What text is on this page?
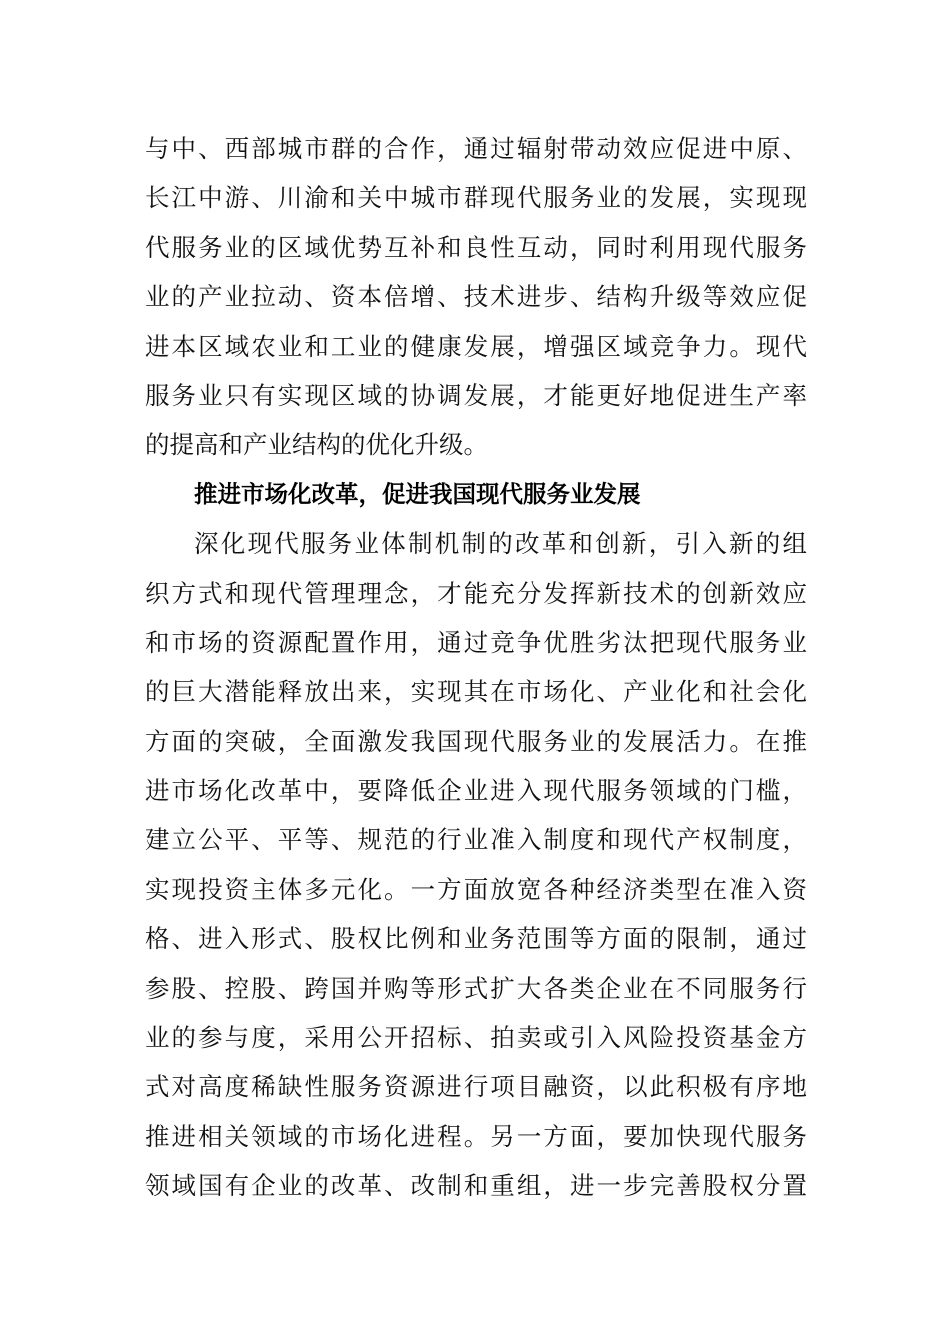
与中、西部城市群的合作，通过辐射带动效应促进中原、
长江中游、川渝和关中城市群现代服务业的发展，实现现
代服务业的区域优势互补和良性互动，同时利用现代服务
业的产业拉动、资本倍增、技术进步、结构升级等效应促
进本区域农业和工业的健康发展，增强区域竞争力。现代
服务业只有实现区域的协调发展，才能更好地促进生产率
的提高和产业结构的优化升级。
推进市场化改革，促进我国现代服务业发展
深化现代服务业体制机制的改革和创新，引入新的组
织方式和现代管理理念，才能充分发挥新技术的创新效应
和市场的资源配置作用，通过竞争优胜劣汰把现代服务业
的巨大潜能释放出来，实现其在市场化、产业化和社会化
方面的突破，全面激发我国现代服务业的发展活力。在推
进市场化改革中，要降低企业进入现代服务领域的门槛，
建立公平、平等、规范的行业准入制度和现代产权制度，
实现投资主体多元化。一方面放宽各种经济类型在准入资
格、进入形式、股权比例和业务范围等方面的限制，通过
参股、控股、跨国并购等形式扩大各类企业在不同服务行
业的参与度，采用公开招标、拍卖或引入风险投资基金方
式对高度稀缺性服务资源进行项目融资，以此积极有序地
推进相关领域的市场化进程。另一方面，要加快现代服务
领域国有企业的改革、改制和重组，进一步完善股权分置
